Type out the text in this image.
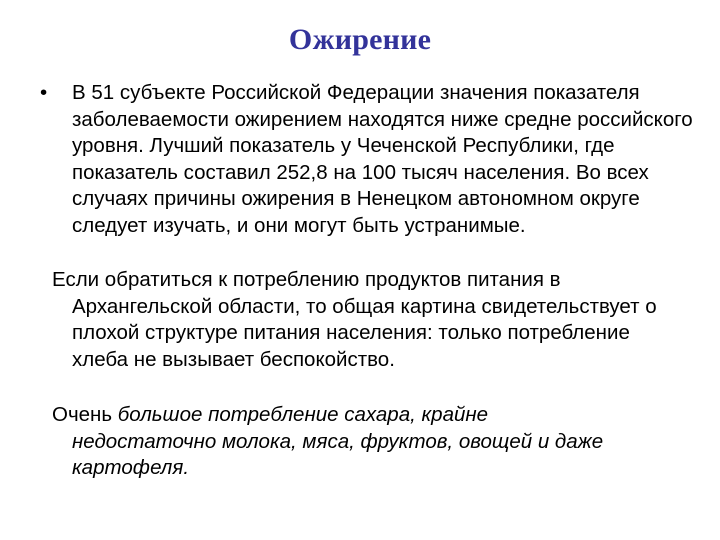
Ожирение
•	В 51 субъекте Российской Федерации значения показателя заболеваемости ожирением находятся ниже средне российского уровня. Лучший показатель у Чеченской Республики, где показатель составил 252,8 на 100 тысяч населения. Во всех случаях причины ожирения в Ненецком автономном округе следует изучать, и они могут быть устранимые.
Если обратиться к потреблению продуктов питания в
Архангельской области, то общая картина свидетельствует о плохой структуре питания населения: только потребление хлеба не вызывает беспокойство.
Очень большое потребление сахара, крайне
недостаточно молока, мяса, фруктов, овощей и даже картофеля.
